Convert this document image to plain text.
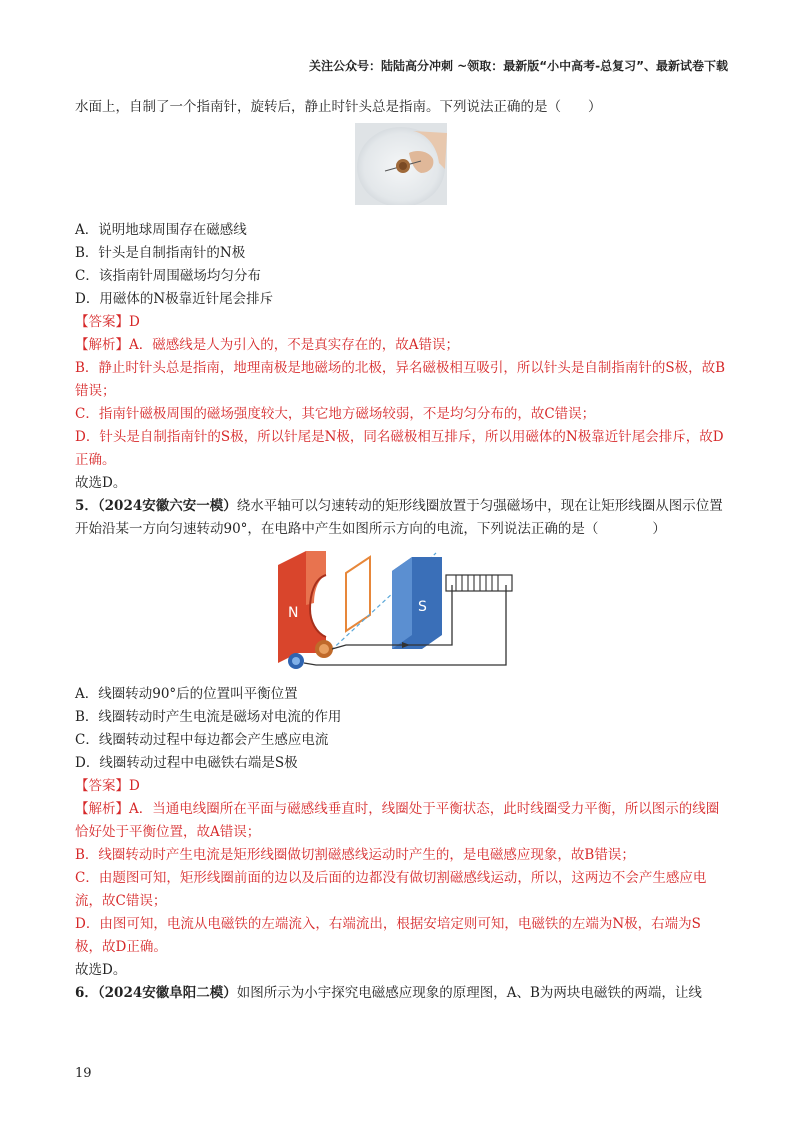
关注公众号：陆陆高分冲刺 ~领取：最新版“小中高考-总复习”、最新试卷下载
水面上，自制了一个指南针，旋转后，静止时针头总是指南。下列说法正确的是（　　）
A．说明地球周围存在磁感线
B．针头是自制指南针的N极
C．该指南针周围磁场均匀分布
D．用磁体的N极靠近针尾会排斥
【答案】D
【解析】A．磁感线是人为引入的，不是真实存在的，故A错误；
B．静止时针头总是指南，地理南极是地磁场的北极，异名磁极相互吸引，所以针头是自制指南针的S极，故B错误；
C．指南针磁极周围的磁场强度较大，其它地方磁场较弱，不是均匀分布的，故C错误；
D．针头是自制指南针的S极，所以针尾是N极，同名磁极相互排斥，所以用磁体的N极靠近针尾会排斥，故D正确。
故选D。
5．（2024安徽六安一模）绕水平轴可以匀速转动的矩形线圈放置于匀强磁场中，现在让矩形线圈从图示位置开始沿某一方向匀速转动90°，在电路中产生如图所示方向的电流，下列说法正确的是（　　　　）
N	S
A．线圈转动90°后的位置叫平衡位置
B．线圈转动时产生电流是磁场对电流的作用
C．线圈转动过程中每边都会产生感应电流
D．线圈转动过程中电磁铁右端是S极
【答案】D
【解析】A．当通电线圈所在平面与磁感线垂直时，线圈处于平衡状态，此时线圈受力平衡，所以图示的线圈恰好处于平衡位置，故A错误；
B．线圈转动时产生电流是矩形线圈做切割磁感线运动时产生的，是电磁感应现象，故B错误；
C．由题图可知，矩形线圈前面的边以及后面的边都没有做切割磁感线运动，所以，这两边不会产生感应电流，故C错误；
D．由图可知，电流从电磁铁的左端流入，右端流出，根据安培定则可知，电磁铁的左端为N极，右端为S极，故D正确。
故选D。
6．（2024安徽阜阳二模）如图所示为小宇探究电磁感应现象的原理图，A、B为两块电磁铁的两端，让线
19
